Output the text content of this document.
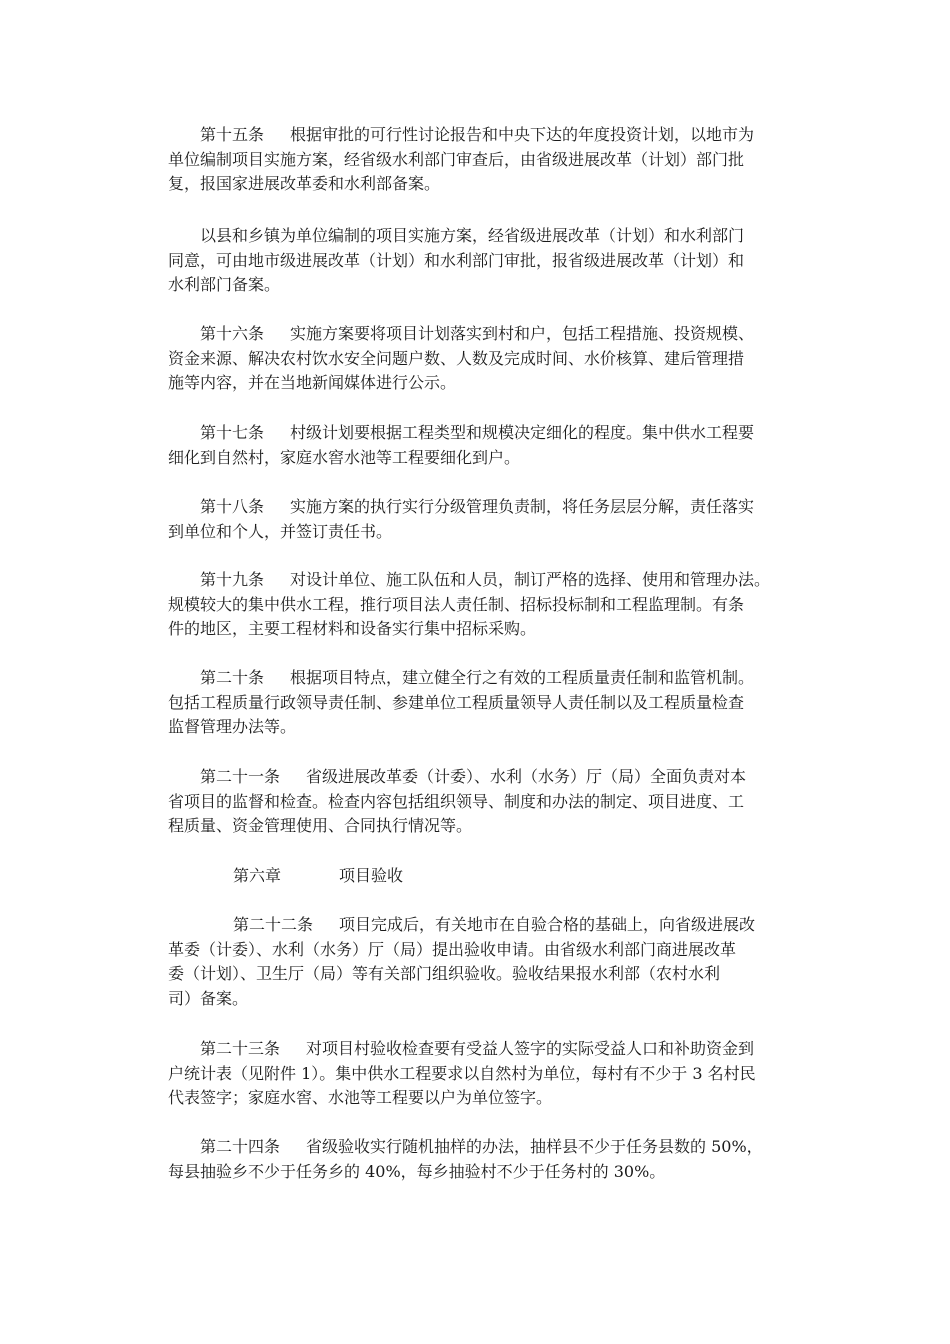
第十五条 根据审批的可行性讨论报告和中央下达的年度投资计划，以地市为
单位编制项目实施方案，经省级水利部门审查后，由省级进展改革（计划）部门批
复，报国家进展改革委和水利部备案。

以县和乡镇为单位编制的项目实施方案，经省级进展改革（计划）和水利部门
同意，可由地市级进展改革（计划）和水利部门审批，报省级进展改革（计划）和
水利部门备案。

第十六条 实施方案要将项目计划落实到村和户，包括工程措施、投资规模、
资金来源、解决农村饮水安全问题户数、人数及完成时间、水价核算、建后管理措
施等内容，并在当地新闻媒体进行公示。

第十七条 村级计划要根据工程类型和规模决定细化的程度。集中供水工程要
细化到自然村，家庭水窖水池等工程要细化到户。

第十八条 实施方案的执行实行分级管理负责制，将任务层层分解，责任落实
到单位和个人，并签订责任书。

第十九条 对设计单位、施工队伍和人员，制订严格的选择、使用和管理办法。
规模较大的集中供水工程，推行项目法人责任制、招标投标制和工程监理制。有条
件的地区，主要工程材料和设备实行集中招标采购。

第二十条 根据项目特点，建立健全行之有效的工程质量责任制和监管机制。
包括工程质量行政领导责任制、参建单位工程质量领导人责任制以及工程质量检查
监督管理办法等。

第二十一条 省级进展改革委（计委）、水利（水务）厅（局）全面负责对本
省项目的监督和检查。检查内容包括组织领导、制度和办法的制定、项目进度、工
程质量、资金管理使用、合同执行情况等。

第六章	项目验收

第二十二条 项目完成后，有关地市在自验合格的基础上，向省级进展改
革委（计委）、水利（水务）厅（局）提出验收申请。由省级水利部门商进展改革
委（计划）、卫生厅（局）等有关部门组织验收。验收结果报水利部（农村水利
司）备案。

第二十三条 对项目村验收检查要有受益人签字的实际受益人口和补助资金到
户统计表（见附件 1）。集中供水工程要求以自然村为单位，每村有不少于 3 名村民
代表签字；家庭水窖、水池等工程要以户为单位签字。

第二十四条 省级验收实行随机抽样的办法，抽样县不少于任务县数的 50%，
每县抽验乡不少于任务乡的 40%，每乡抽验村不少于任务村的 30%。
